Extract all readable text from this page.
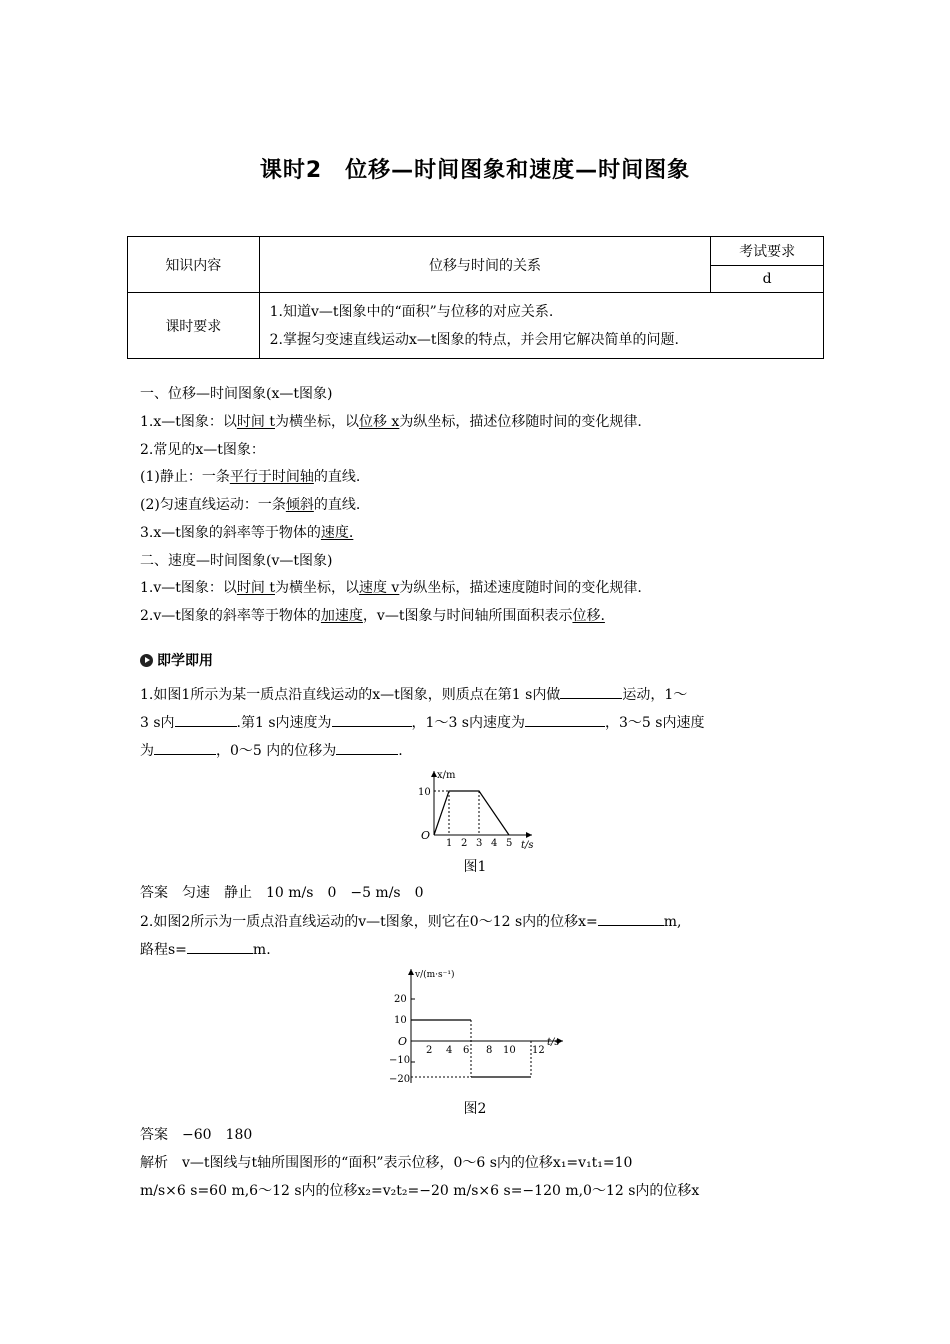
课时2　位移—时间图象和速度—时间图象
知识内容	位移与时间的关系	考试要求
		d
课时要求	1.知道v—t图象中的“面积”与位移的对应关系.
2.掌握匀变速直线运动x—t图象的特点，并会用它解决简单的问题.	
一、位移—时间图象(x—t图象)
1.x—t图象：以时间 t为横坐标，以位移 x为纵坐标，描述位移随时间的变化规律.
2.常见的x—t图象：
(1)静止：一条平行于时间轴的直线.
(2)匀速直线运动：一条倾斜的直线.
3.x—t图象的斜率等于物体的速度.
二、速度—时间图象(v—t图象)
1.v—t图象：以时间 t为横坐标，以速度 v为纵坐标，描述速度随时间的变化规律.
2.v—t图象的斜率等于物体的加速度，v—t图象与时间轴所围面积表示位移.
即学即用
1.如图1所示为某一质点沿直线运动的x—t图象，则质点在第1 s内做	运动，1～
3 s内	.第1 s内速度为	，1～3 s内速度为	，3～5 s内速度
为	，0～5 内的位移为	.
x/m
t/s
O
10
1 2 3 4 5
图1
答案　匀速　静止　10 m/s　0　−5 m/s　0
2.如图2所示为一质点沿直线运动的v—t图象，则它在0～12 s内的位移x=	m,
路程s=	m.
v/(m·s⁻¹)
t/s
O
20
10
−10
−20
2 4 6 8 10 12
图2
答案　−60　180
解析　v—t图线与t轴所围图形的“面积”表示位移，0～6 s内的位移x₁=v₁t₁=10
m/s×6 s=60 m,6～12 s内的位移x₂=v₂t₂=−20 m/s×6 s=−120 m,0～12 s内的位移x
